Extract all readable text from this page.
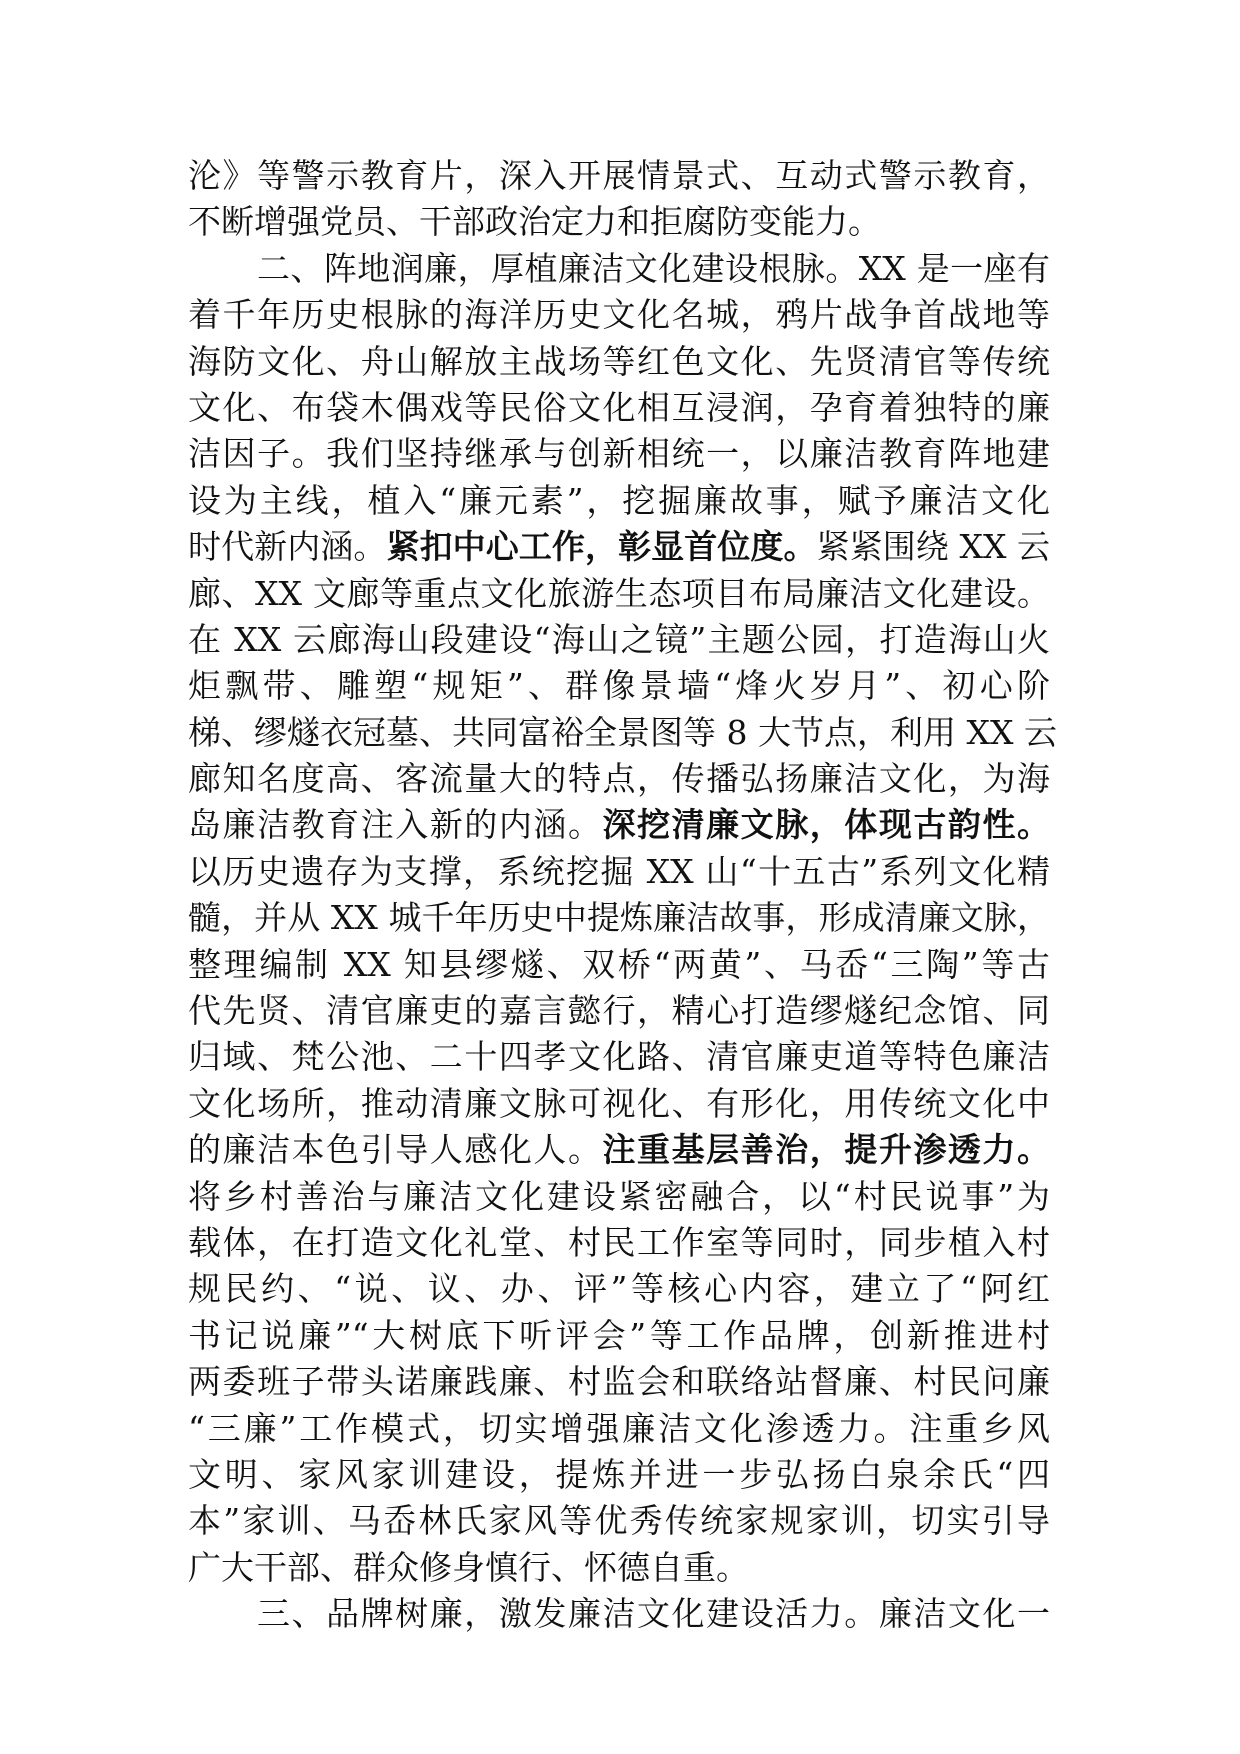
沦》等警示教育片，深入开展情景式、互动式警示教育，
不断增强党员、干部政治定力和拒腐防变能力。
二、阵地润廉，厚植廉洁文化建设根脉。XX 是一座有
着千年历史根脉的海洋历史文化名城，鸦片战争首战地等
海防文化、舟山解放主战场等红色文化、先贤清官等传统
文化、布袋木偶戏等民俗文化相互浸润，孕育着独特的廉
洁因子。我们坚持继承与创新相统一，以廉洁教育阵地建
设为主线，植入“廉元素”，挖掘廉故事，赋予廉洁文化
时代新内涵。紧扣中心工作，彰显首位度。紧紧围绕 XX 云
廊、XX 文廊等重点文化旅游生态项目布局廉洁文化建设。
在 XX 云廊海山段建设“海山之镜”主题公园，打造海山火
炬飘带、雕塑“规矩”、群像景墙“烽火岁月”、初心阶
梯、缪燧衣冠墓、共同富裕全景图等 8 大节点，利用 XX 云
廊知名度高、客流量大的特点，传播弘扬廉洁文化，为海
岛廉洁教育注入新的内涵。深挖清廉文脉，体现古韵性。
以历史遗存为支撑，系统挖掘 XX 山“十五古”系列文化精
髓，并从 XX 城千年历史中提炼廉洁故事，形成清廉文脉，
整理编制 XX 知县缪燧、双桥“两黄”、马岙“三陶”等古
代先贤、清官廉吏的嘉言懿行，精心打造缪燧纪念馆、同
归域、梵公池、二十四孝文化路、清官廉吏道等特色廉洁
文化场所，推动清廉文脉可视化、有形化，用传统文化中
的廉洁本色引导人感化人。注重基层善治，提升渗透力。
将乡村善治与廉洁文化建设紧密融合，以“村民说事”为
载体，在打造文化礼堂、村民工作室等同时，同步植入村
规民约、“说、议、办、评”等核心内容，建立了“阿红
书记说廉”“大树底下听评会”等工作品牌，创新推进村
两委班子带头诺廉践廉、村监会和联络站督廉、村民问廉
“三廉”工作模式，切实增强廉洁文化渗透力。注重乡风
文明、家风家训建设，提炼并进一步弘扬白泉余氏“四
本”家训、马岙林氏家风等优秀传统家规家训，切实引导
广大干部、群众修身慎行、怀德自重。
三、品牌树廉，激发廉洁文化建设活力。廉洁文化一
